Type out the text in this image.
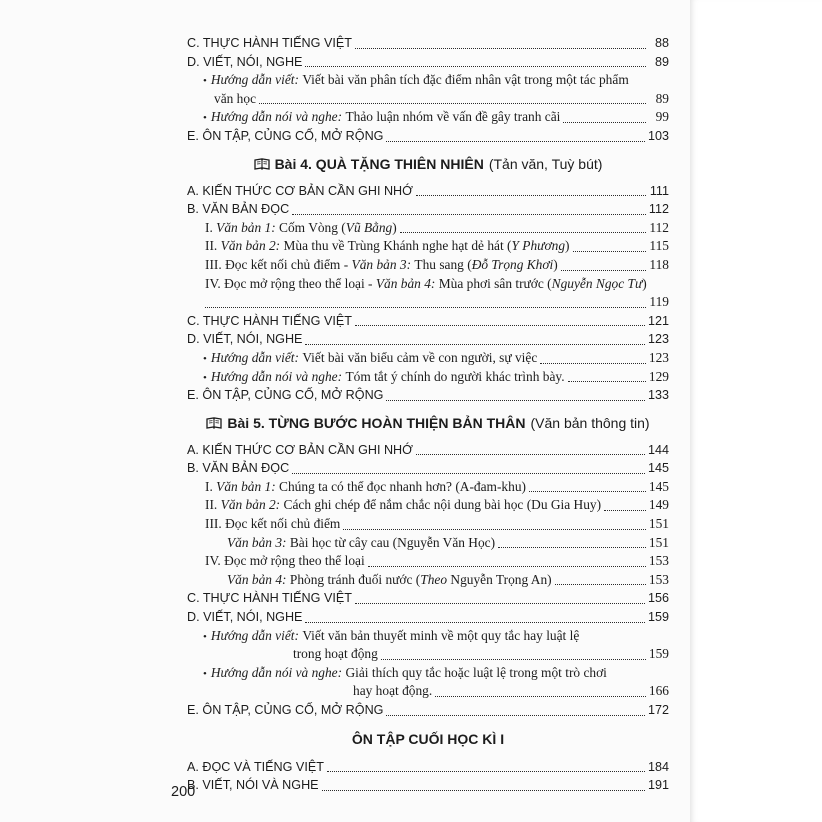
C. THỰC HÀNH TIẾNG VIỆT	88
D. VIẾT, NÓI, NGHE	89
• Hướng dẫn viết:
Viết bài văn phân tích đặc điểm nhân vật trong một tác phẩm
văn học	89
• Hướng dẫn nói và nghe: Thảo luận nhóm về vấn đề gây tranh cãi	99
E. ÔN TẬP, CỦNG CỐ, MỞ RỘNG	103
Bài 4. QUÀ TẶNG THIÊN NHIÊN (Tản văn, Tuỳ bút)
A. KIẾN THỨC CƠ BẢN CẦN GHI NHỚ	111
B. VĂN BẢN ĐỌC	112
I. Văn bản 1: Cốm Vòng (Vũ Bằng)	112
II. Văn bản 2: Mùa thu về Trùng Khánh nghe hạt dẻ hát (Y Phương)	115
III. Đọc kết nối chủ điểm - Văn bản 3: Thu sang (Đỗ Trọng Khơi)	118
IV. Đọc mở rộng theo thể loại -
Văn bản 4:
Mùa phơi sân trước ( Nguyễn Ngọc Tư )
119
C. THỰC HÀNH TIẾNG VIỆT	121
D. VIẾT, NÓI, NGHE	123
• Hướng dẫn viết: Viết bài văn biểu cảm về con người, sự việc	123
• Hướng dẫn nói và nghe: Tóm tắt ý chính do người khác trình bày.	129
E. ÔN TẬP, CỦNG CỐ, MỞ RỘNG	133
Bài 5. TỪNG BƯỚC HOÀN THIỆN BẢN THÂN (Văn bản thông tin)
A. KIẾN THỨC CƠ BẢN CẦN GHI NHỚ	144
B. VĂN BẢN ĐỌC	145
I. Văn bản 1: Chúng ta có thể đọc nhanh hơn? (A-đam-khu)	145
II. Văn bản 2: Cách ghi chép để nắm chắc nội dung bài học (Du Gia Huy)	149
III. Đọc kết nối chủ điểm	151
Văn bản 3: Bài học từ cây cau (Nguyễn Văn Học)	151
IV. Đọc mở rộng theo thể loại	153
Văn bản 4: Phòng tránh đuối nước (Theo Nguyễn Trọng An)	153
C. THỰC HÀNH TIẾNG VIỆT	156
D. VIẾT, NÓI, NGHE	159
• Hướng dẫn viết:
Viết văn bản thuyết minh về một quy tắc hay luật lệ
trong hoạt động	159
• Hướng dẫn nói và nghe:
Giải thích quy tắc hoặc luật lệ trong một trò chơi
hay hoạt động.	166
E. ÔN TẬP, CỦNG CỐ, MỞ RỘNG	172
ÔN TẬP CUỐI HỌC KÌ I
A. ĐỌC VÀ TIẾNG VIỆT	184
B. VIẾT, NÓI VÀ NGHE	191
200
